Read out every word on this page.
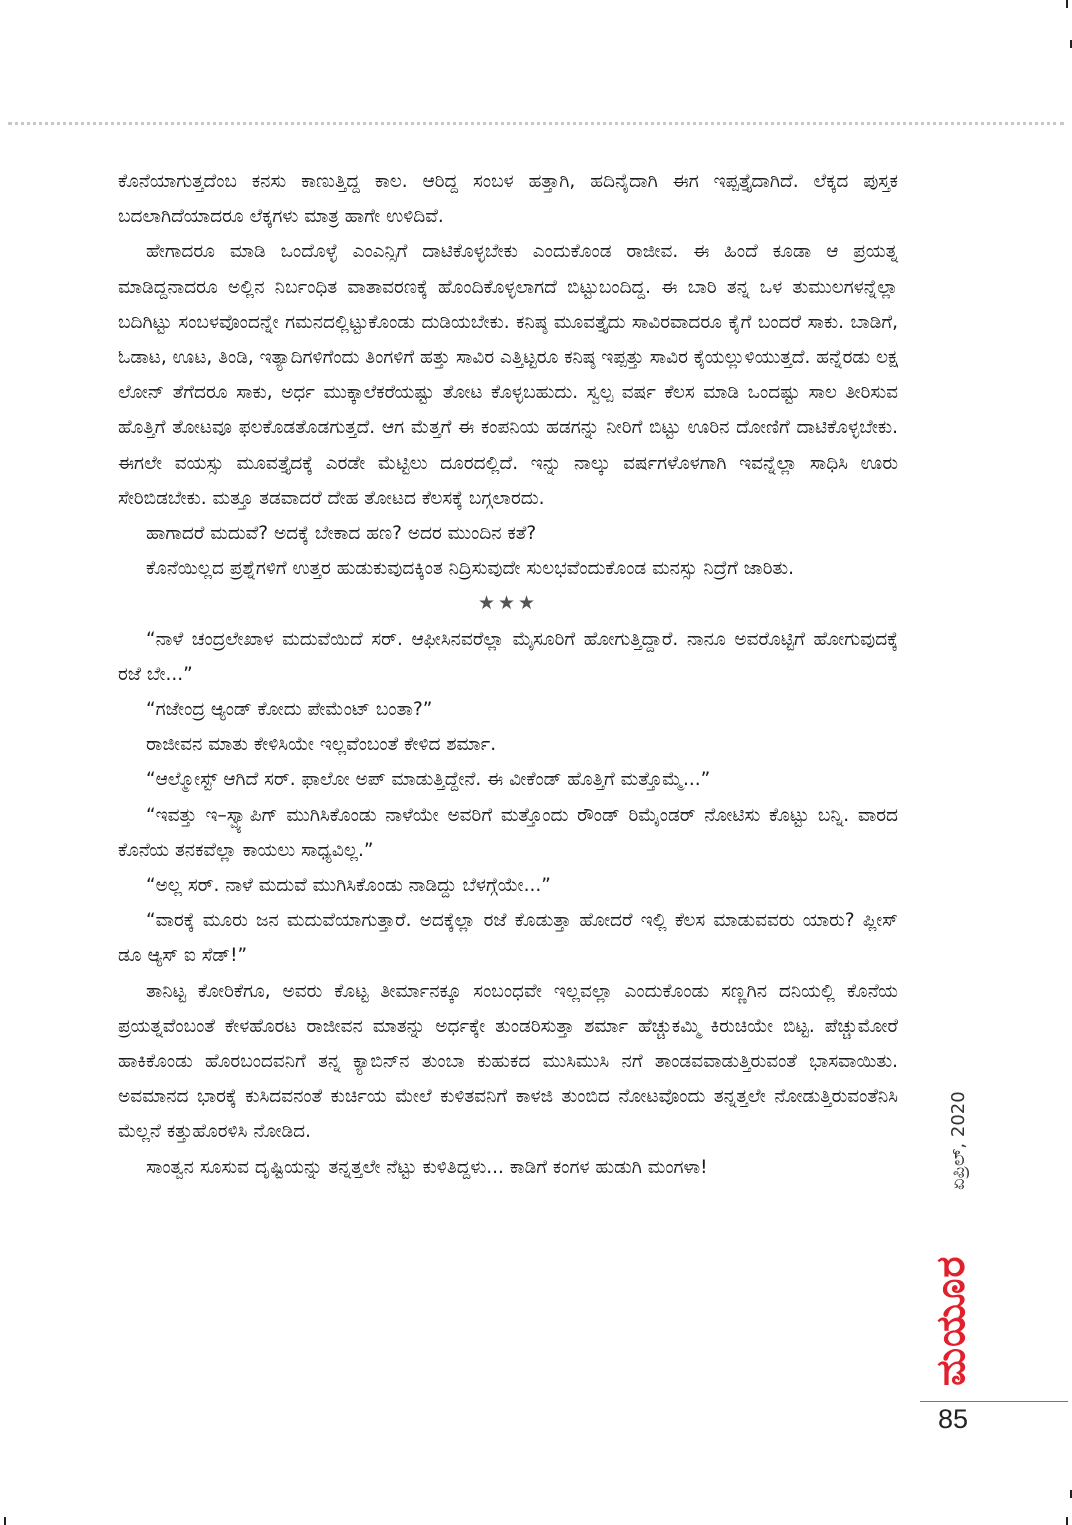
ಕೊನೆಯಾಗುತ್ತದೆಂಬ ಕನಸು ಕಾಣುತ್ತಿದ್ದ ಕಾಲ. ಆರಿದ್ದ ಸಂಬಳ ಹತ್ತಾಗಿ, ಹದಿನೈದಾಗಿ ಈಗ ಇಪ್ಪತ್ತೈದಾಗಿದೆ. ಲೆಕ್ಕದ ಪುಸ್ತಕ ಬದಲಾಗಿದೆಯಾದರೂ ಲೆಕ್ಕಗಳು ಮಾತ್ರ ಹಾಗೇ ಉಳಿದಿವೆ.

ಹೇಗಾದರೂ ಮಾಡಿ ಒಂದೊಳ್ಳೆ ಎಂಎನ್ಸಿಗೆ ದಾಟಿಕೊಳ್ಳಬೇಕು ಎಂದುಕೊಂಡ ರಾಜೀವ. ಈ ಹಿಂದೆ ಕೂಡಾ ಆ ಪ್ರಯತ್ನ ಮಾಡಿದ್ದನಾದರೂ ಅಲ್ಲಿನ ನಿರ್ಬಂಧಿತ ವಾತಾವರಣಕ್ಕೆ ಹೊಂದಿಕೊಳ್ಳಲಾಗದೆ ಬಿಟ್ಟುಬಂದಿದ್ದ. ಈ ಬಾರಿ ತನ್ನ ಒಳ ತುಮುಲಗಳನ್ನೆಲ್ಲಾ ಬದಿಗಿಟ್ಟು ಸಂಬಳವೊಂದನ್ನೇ ಗಮನದಲ್ಲಿಟ್ಟುಕೊಂಡು ದುಡಿಯಬೇಕು. ಕನಿಷ್ಠ ಮೂವತ್ತೈದು ಸಾವಿರವಾದರೂ ಕೈಗೆ ಬಂದರೆ ಸಾಕು. ಬಾಡಿಗೆ, ಓಡಾಟ, ಊಟ, ತಿಂಡಿ, ಇತ್ಯಾದಿಗಳಿಗೆಂದು ತಿಂಗಳಿಗೆ ಹತ್ತು ಸಾವಿರ ಎತ್ತಿಟ್ಟರೂ ಕನಿಷ್ಠ ಇಪ್ಪತ್ತು ಸಾವಿರ ಕೈಯಲ್ಲುಳಿಯುತ್ತದೆ. ಹನ್ನೆರಡು ಲಕ್ಷ ಲೋನ್ ತೆಗೆದರೂ ಸಾಕು, ಅರ್ಧ ಮುಕ್ಕಾಲೆಕರೆಯಷ್ಟು ತೋಟ ಕೊಳ್ಳಬಹುದು. ಸ್ವಲ್ಪ ವರ್ಷ ಕೆಲಸ ಮಾಡಿ ಒಂದಷ್ಟು ಸಾಲ ತೀರಿಸುವ ಹೊತ್ತಿಗೆ ತೋಟವೂ ಫಲಕೊಡತೊಡಗುತ್ತದೆ. ಆಗ ಮೆತ್ತಗೆ ಈ ಕಂಪನಿಯ ಹಡಗನ್ನು ನೀರಿಗೆ ಬಿಟ್ಟು ಊರಿನ ದೋಣಿಗೆ ದಾಟಿಕೊಳ್ಳಬೇಕು. ಈಗಲೇ ವಯಸ್ಸು ಮೂವತ್ತೈದಕ್ಕೆ ಎರಡೇ ಮೆಟ್ಟಿಲು ದೂರದಲ್ಲಿದೆ. ಇನ್ನು ನಾಲ್ಕು ವರ್ಷಗಳೊಳಗಾಗಿ ಇವನ್ನೆಲ್ಲಾ ಸಾಧಿಸಿ ಊರು ಸೇರಿಬಿಡಬೇಕು. ಮತ್ತೂ ತಡವಾದರೆ ದೇಹ ತೋಟದ ಕೆಲಸಕ್ಕೆ ಬಗ್ಗಲಾರದು.

ಹಾಗಾದರೆ ಮದುವೆ? ಅದಕ್ಕೆ ಬೇಕಾದ ಹಣ? ಅದರ ಮುಂದಿನ ಕತೆ?

ಕೊನೆಯಿಲ್ಲದ ಪ್ರಶ್ನೆಗಳಿಗೆ ಉತ್ತರ ಹುಡುಕುವುದಕ್ಕಿಂತ ನಿದ್ರಿಸುವುದೇ ಸುಲಭವೆಂದುಕೊಂಡ ಮನಸ್ಸು ನಿದ್ರೆಗೆ ಜಾರಿತು.

★★★

“ನಾಳೆ ಚಂದ್ರಲೇಖಾಳ ಮದುವೆಯಿದೆ ಸರ್. ಆಫೀಸಿನವರೆಲ್ಲಾ ಮೈಸೂರಿಗೆ ಹೋಗುತ್ತಿದ್ದಾರೆ. ನಾನೂ ಅವರೊಟ್ಟಿಗೆ ಹೋಗುವುದಕ್ಕೆ ರಜೆ ಬೇ...”

“ಗಜೇಂದ್ರ ಆ್ಯಂಡ್ ಕೋದು ಪೇಮೆಂಟ್ ಬಂತಾ?”

ರಾಜೀವನ ಮಾತು ಕೇಳಿಸಿಯೇ ಇಲ್ಲವೆಂಬಂತೆ ಕೇಳಿದ ಶರ್ಮಾ.

“ಆಲ್ಮೋಸ್ಟ್ ಆಗಿದೆ ಸರ್. ಫಾಲೋ ಅಪ್ ಮಾಡುತ್ತಿದ್ದೇನೆ. ಈ ವೀಕೆಂಡ್ ಹೊತ್ತಿಗೆ ಮತ್ತೊಮ್ಮೆ...”

“ಇವತ್ತು ಇ–ಸ್ವ್ಯಾಪಿಗ್ ಮುಗಿಸಿಕೊಂಡು ನಾಳೆಯೇ ಅವರಿಗೆ ಮತ್ತೊಂದು ರೌಂಡ್ ರಿಮೈಂಡರ್ ನೋಟಿಸು ಕೊಟ್ಟು ಬನ್ನಿ. ವಾರದ ಕೊನೆಯ ತನಕವೆಲ್ಲಾ ಕಾಯಲು ಸಾಧ್ಯವಿಲ್ಲ.”

“ಅಲ್ಲ ಸರ್. ನಾಳೆ ಮದುವೆ ಮುಗಿಸಿಕೊಂಡು ನಾಡಿದ್ದು ಬೆಳಗ್ಗೆಯೇ...”

“ವಾರಕ್ಕೆ ಮೂರು ಜನ ಮದುವೆಯಾಗುತ್ತಾರೆ. ಅದಕ್ಕೆಲ್ಲಾ ರಜೆ ಕೊಡುತ್ತಾ ಹೋದರೆ ಇಲ್ಲಿ ಕೆಲಸ ಮಾಡುವವರು ಯಾರು? ಪ್ಲೀಸ್ ಡೂ ಆ್ಯಸ್ ಐ ಸೆಡ್!”

ತಾನಿಟ್ಟ ಕೋರಿಕೆಗೂ, ಅವರು ಕೊಟ್ಟ ತೀರ್ಮಾನಕ್ಕೂ ಸಂಬಂಧವೇ ಇಲ್ಲವಲ್ಲಾ ಎಂದುಕೊಂಡು ಸಣ್ಣಗಿನ ದನಿಯಲ್ಲಿ ಕೊನೆಯ ಪ್ರಯತ್ನವೆಂಬಂತೆ ಕೇಳಹೊರಟ ರಾಜೀವನ ಮಾತನ್ನು ಅರ್ಧಕ್ಕೇ ತುಂಡರಿಸುತ್ತಾ ಶರ್ಮಾ ಹೆಚ್ಚುಕಮ್ಮಿ ಕಿರುಚಿಯೇ ಬಿಟ್ಟ. ಪೆಚ್ಚುಮೋರೆ ಹಾಕಿಕೊಂಡು ಹೊರಬಂದವನಿಗೆ ತನ್ನ ಕ್ಯಾಬಿನ್‌ನ ತುಂಬಾ ಕುಹುಕದ ಮುಸಿಮುಸಿ ನಗೆ ತಾಂಡವವಾಡುತ್ತಿರುವಂತೆ ಭಾಸವಾಯಿತು. ಅವಮಾನದ ಭಾರಕ್ಕೆ ಕುಸಿದವನಂತೆ ಕುರ್ಚಿಯ ಮೇಲೆ ಕುಳಿತವನಿಗೆ ಕಾಳಜಿ ತುಂಬಿದ ನೋಟವೊಂದು ತನ್ನತ್ತಲೇ ನೋಡುತ್ತಿರುವಂತೆನಿಸಿ ಮೆಲ್ಲನೆ ಕತ್ತುಹೊರಳಿಸಿ ನೋಡಿದ.

ಸಾಂತ್ವನ ಸೂಸುವ ದೃಷ್ಟಿಯನ್ನು ತನ್ನತ್ತಲೇ ನೆಟ್ಟು ಕುಳಿತಿದ್ದಳು... ಕಾಡಿಗೆ ಕಂಗಳ ಹುಡುಗಿ ಮಂಗಳಾ!	ಏಪ್ರಿಲ್, 2020
ಮಯೂರ
85
